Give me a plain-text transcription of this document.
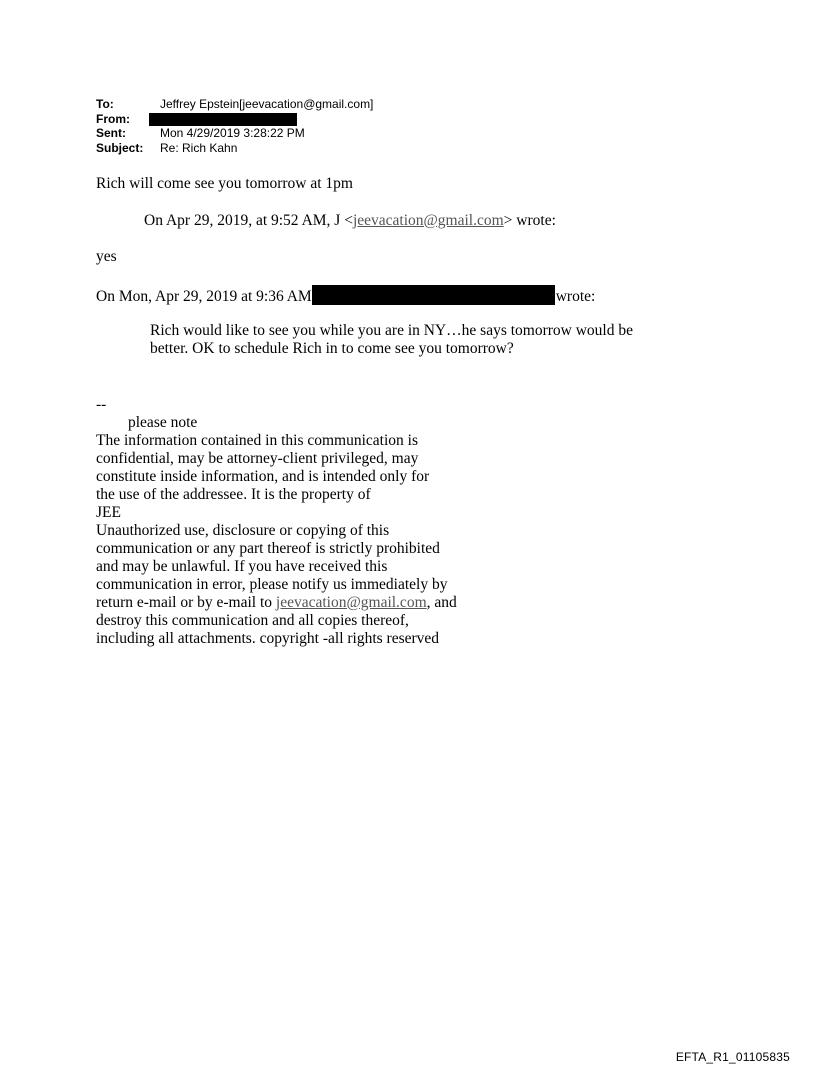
To:	Jeffrey Epstein[jeevacation@gmail.com]
From:
Sent:	Mon 4/29/2019 3:28:22 PM
Subject: Re: Rich Kahn
Rich will come see you tomorrow at 1pm
On Apr 29, 2019, at 9:52 AM, J <jeevacation@gmail.com> wrote:
yes
On Mon, Apr 29, 2019 at 9:36 AM	wrote:
Rich would like to see you while you are in NY…he says tomorrow would be
better. OK to schedule Rich in to come see you tomorrow?
--
please note
The information contained in this communication is
confidential, may be attorney-client privileged, may
constitute inside information, and is intended only for
the use of the addressee. It is the property of
JEE
Unauthorized use, disclosure or copying of this
communication or any part thereof is strictly prohibited
and may be unlawful. If you have received this
communication in error, please notify us immediately by
return e-mail or by e-mail to jeevacation@gmail.com, and
destroy this communication and all copies thereof,
including all attachments. copyright -all rights reserved
EFTA_R1_01105835
